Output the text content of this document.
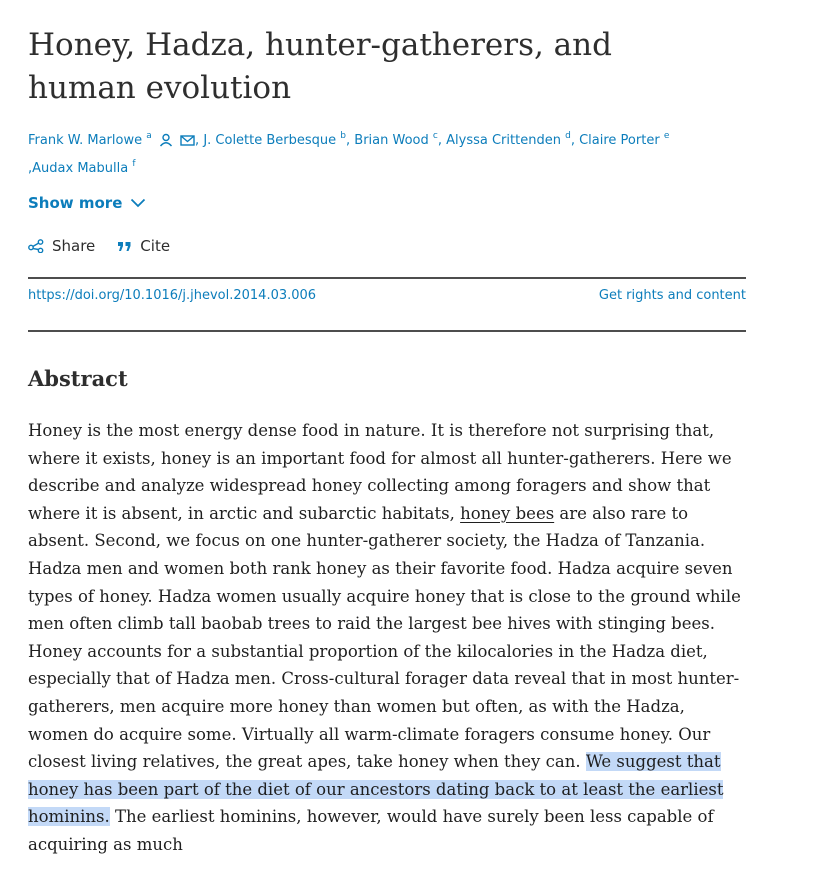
Honey, Hadza, hunter-gatherers, and human evolution
Frank W. Marlowe $^a$	, J. Colette Berbesque $^b$, Brian Wood $^c$, Alyssa Crittenden $^d$, Claire Porter $^e$
,Audax Mabulla $^f$
Show more
Share	Cite
https://doi.org/10.1016/j.jhevol.2014.03.006	Get rights and content
Abstract

Honey is the most energy dense food in nature. It is therefore not surprising that, where it exists, honey is an important food for almost all hunter-gatherers. Here we describe and analyze widespread honey collecting among foragers and show that where it is absent, in arctic and subarctic habitats, honey bees are also rare to absent. Second, we focus on one hunter-gatherer society, the Hadza of Tanzania. Hadza men and women both rank honey as their favorite food. Hadza acquire seven types of honey. Hadza women usually acquire honey that is close to the ground while men often climb tall baobab trees to raid the largest bee hives with stinging bees. Honey accounts for a substantial proportion of the kilocalories in the Hadza diet, especially that of Hadza men. Cross-cultural forager data reveal that in most hunter-gatherers, men acquire more honey than women but often, as with the Hadza, women do acquire some. Virtually all warm-climate foragers consume honey. Our closest living relatives, the great apes, take honey when they can. We suggest that honey has been part of the diet of our ancestors dating back to at least the earliest hominins. The earliest hominins, however, would have surely been less capable of acquiring as much
